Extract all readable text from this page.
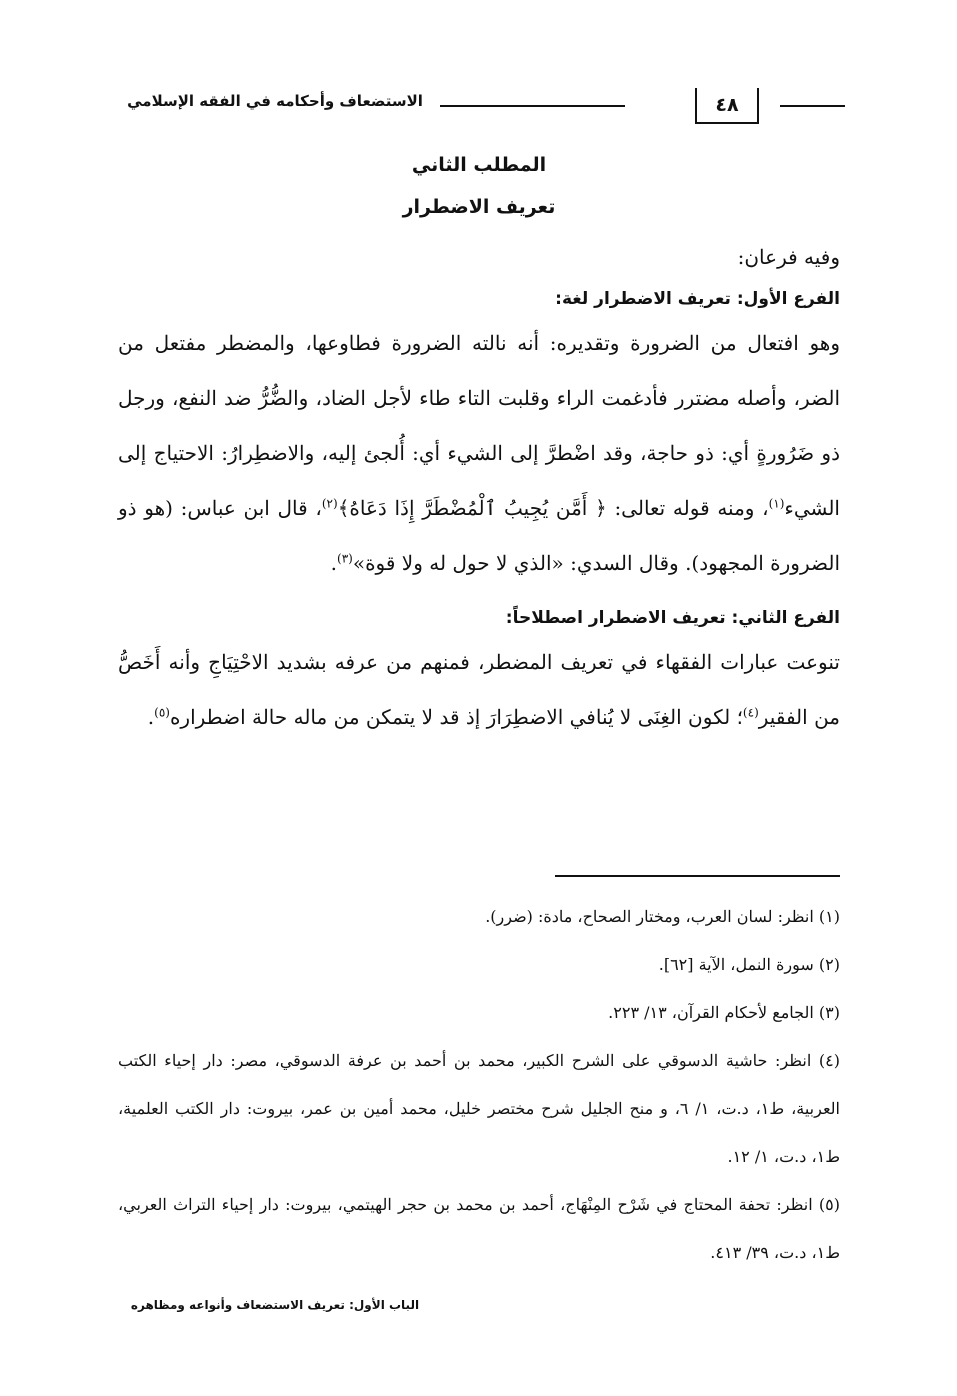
الاستضعاف وأحكامه في الفقه الإسلامي	٤٨
المطلب الثاني
تعريف الاضطرار

وفيه فرعان:

الفرع الأول: تعريف الاضطرار لغة:

وهو افتعال من الضرورة وتقديره: أنه نالته الضرورة فطاوعها، والمضطر مفتعل من الضر، وأصله مضترر فأدغمت الراء وقلبت التاء طاء لأجل الضاد، والضُّرُّ ضد النفع، ورجل ذو ضَرُورةٍ أي: ذو حاجة، وقد اضْطرَّ إلى الشيء أي: أُلجئ إليه، والاضطِرارُ: الاحتياج إلى الشيء$^{(١)}$، ومنه قوله تعالى: ﴿ أَمَّن يُجِيبُ ٱلْمُضْطَرَّ إِذَا دَعَاهُ﴾$^{(٢)}$، قال ابن عباس: (هو ذو الضرورة المجهود). وقال السدي: «الذي لا حول له ولا قوة»$^{(٣)}$.

الفرع الثاني: تعريف الاضطرار اصطلاحاً:

تنوعت عبارات الفقهاء في تعريف المضطر، فمنهم من عرفه بشديد الاحْتِيَاجِ وأنه أَخَصُّ من الفقير$^{(٤)}$؛ لكون الغِنَى لا يُنافي الاضطِرَارَ إذ قد لا يتمكن من ماله حالة اضطراره$^{(٥)}$.

(١) انظر: لسان العرب، ومختار الصحاح، مادة: (ضرر).

(٢) سورة النمل، الآية [٦٢].

(٣) الجامع لأحكام القرآن، ١٣/ ٢٢٣.

(٤) انظر: حاشية الدسوقي على الشرح الكبير، محمد بن أحمد بن عرفة الدسوقي، مصر: دار إحياء الكتب العربية، ط١، د.ت، ١/ ٦، و منح الجليل شرح مختصر خليل، محمد أمين بن عمر، بيروت: دار الكتب العلمية، ط١، د.ت، ١/ ١٢.

(٥) انظر: تحفة المحتاج في شَرْح المِنْهَاج، أحمد بن محمد بن حجر الهيتمي، بيروت: دار إحياء التراث العربي، ط١، د.ت، ٣٩/ ٤١٣.

الباب الأول: تعريف الاستضعاف وأنواعه ومظاهره
